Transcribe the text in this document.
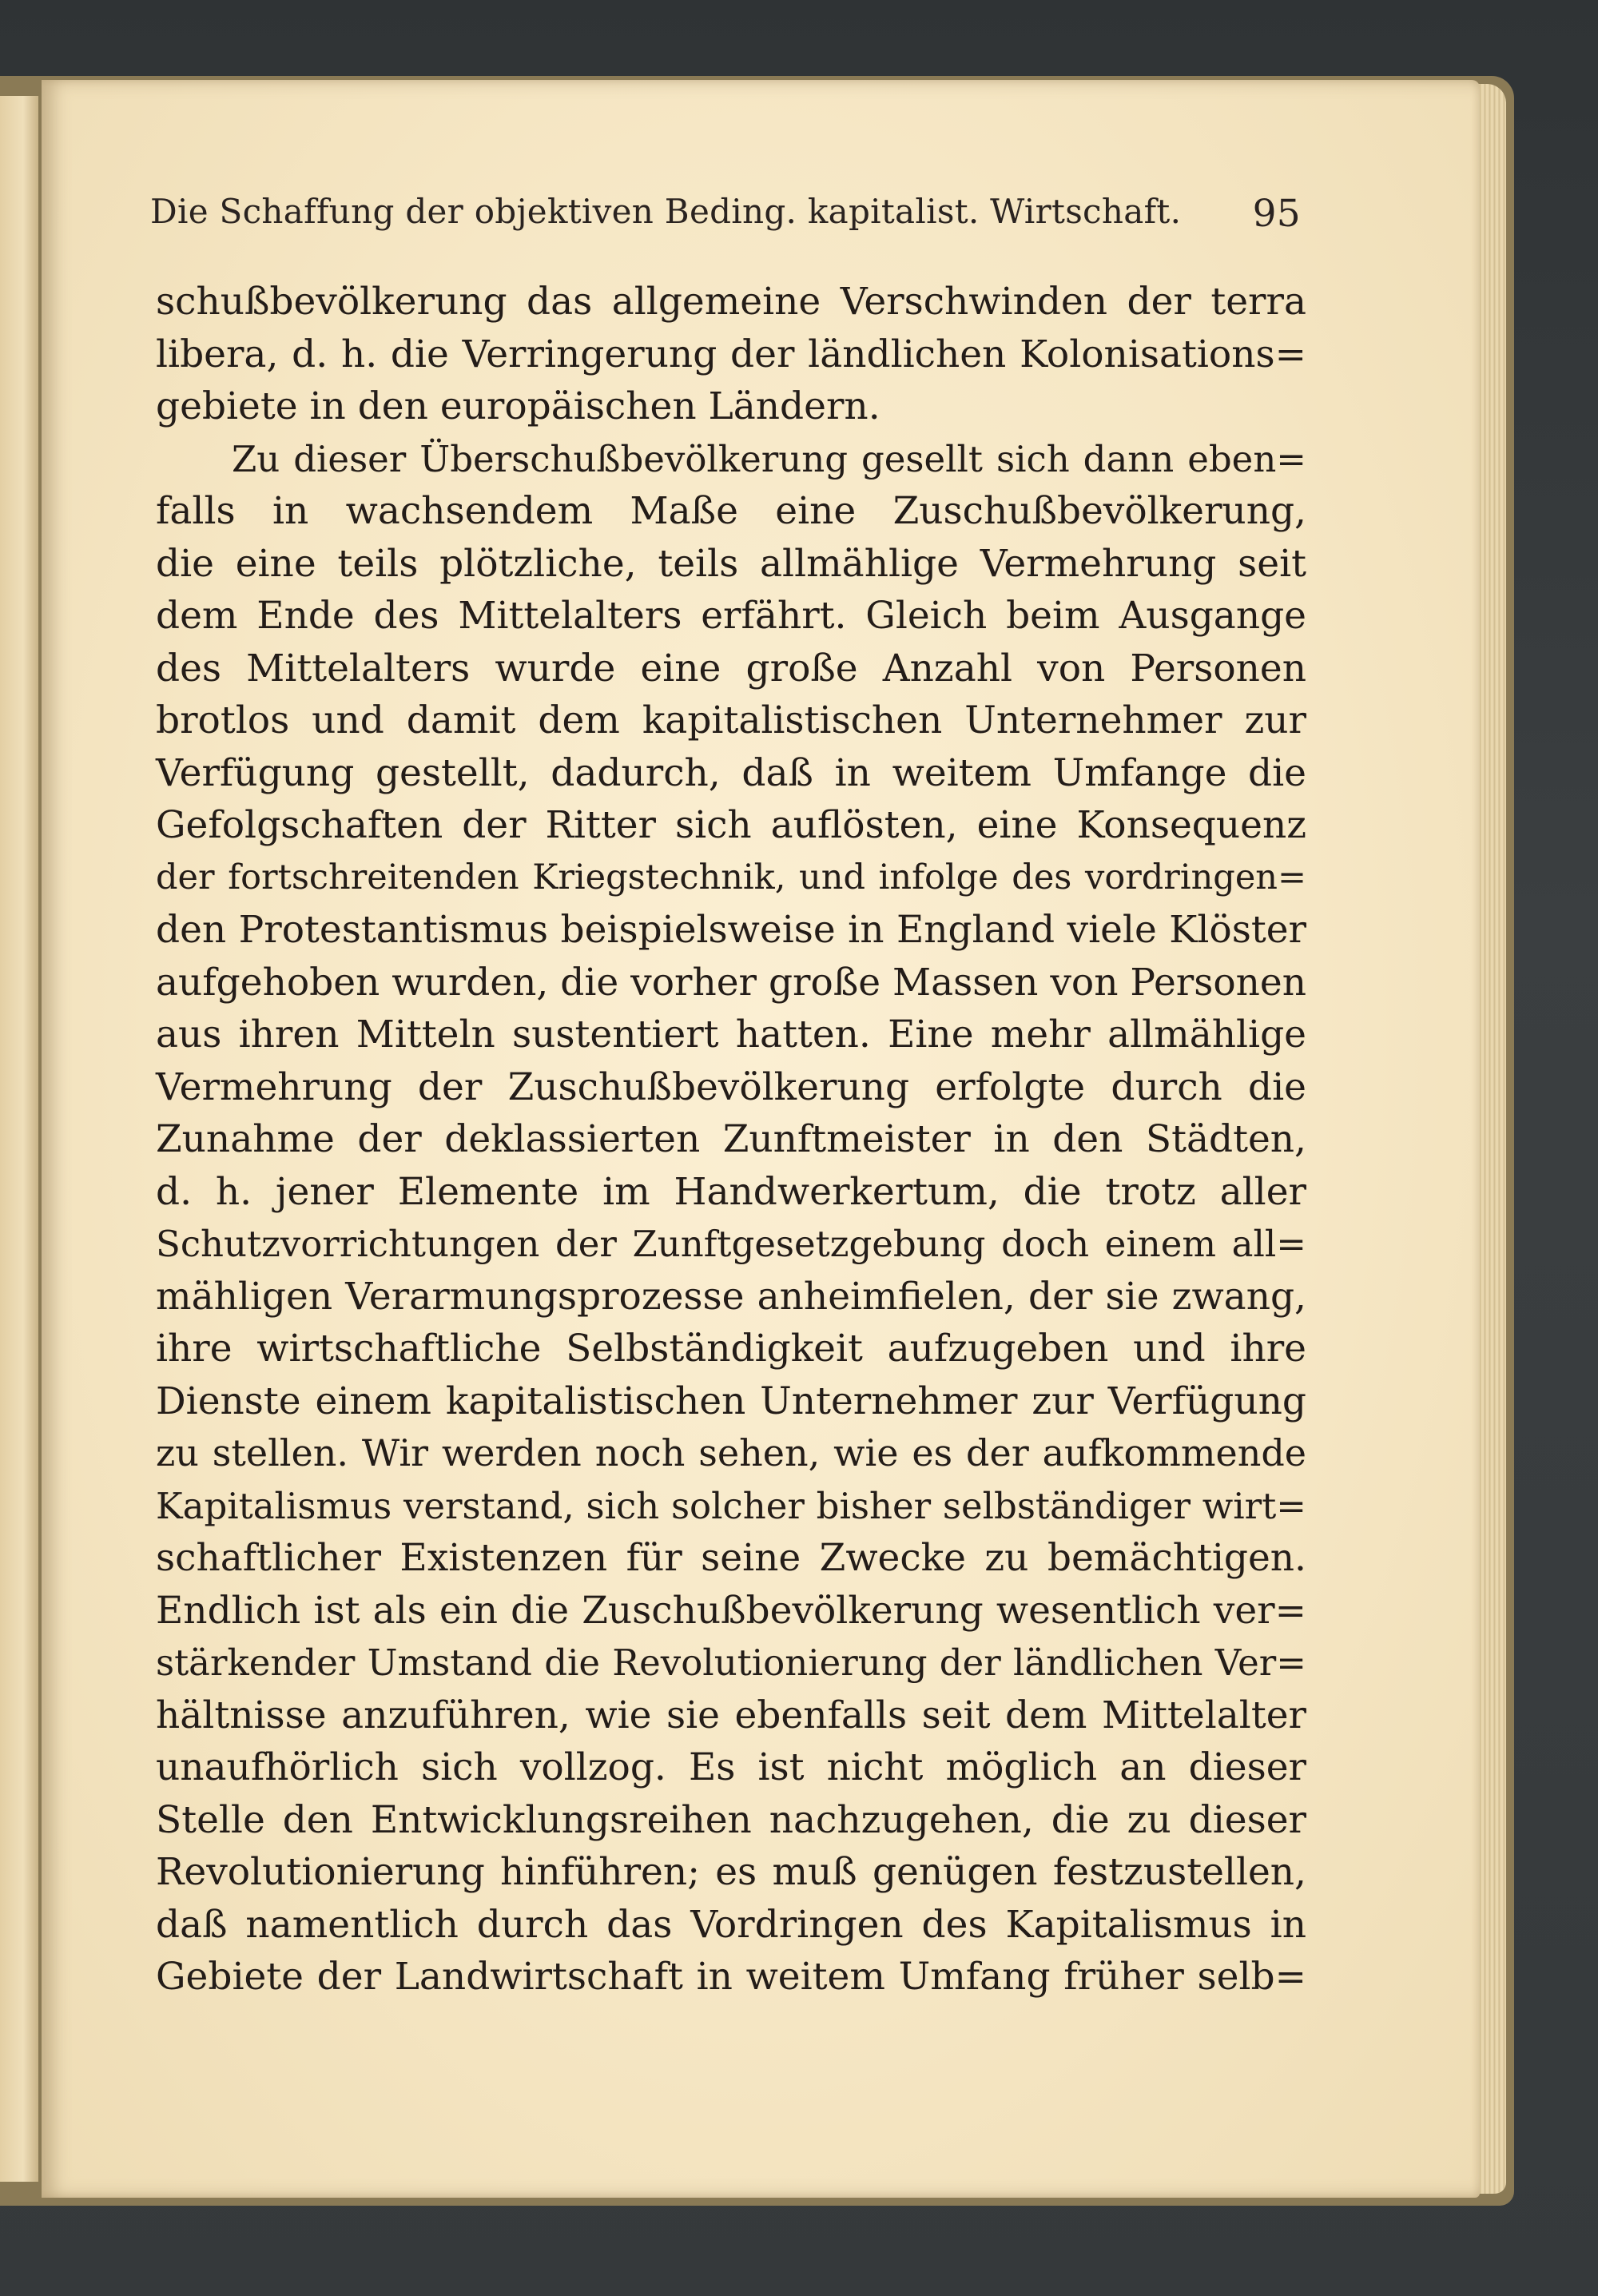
Die Schaffung der objektiven Beding. kapitalist. Wirtschaft. 95
schußbevölkerung das allgemeine Verschwinden der terra
libera, d. h. die Verringerung der ländlichen Kolonisations=
gebiete in den europäischen Ländern.
Zu dieser Überschußbevölkerung gesellt sich dann eben=
falls in wachsendem Maße eine Zuschußbevölkerung,
die eine teils plötzliche, teils allmählige Vermehrung seit
dem Ende des Mittelalters erfährt. Gleich beim Ausgange
des Mittelalters wurde eine große Anzahl von Personen
brotlos und damit dem kapitalistischen Unternehmer zur
Verfügung gestellt, dadurch, daß in weitem Umfange die
Gefolgschaften der Ritter sich auflösten, eine Konsequenz
der fortschreitenden Kriegstechnik, und infolge des vordringen=
den Protestantismus beispielsweise in England viele Klöster
aufgehoben wurden, die vorher große Massen von Personen
aus ihren Mitteln sustentiert hatten. Eine mehr allmählige
Vermehrung der Zuschußbevölkerung erfolgte durch die
Zunahme der deklassierten Zunftmeister in den Städten,
d. h. jener Elemente im Handwerkertum, die trotz aller
Schutzvorrichtungen der Zunftgesetzgebung doch einem all=
mähligen Verarmungsprozesse anheimfielen, der sie zwang,
ihre wirtschaftliche Selbständigkeit aufzugeben und ihre
Dienste einem kapitalistischen Unternehmer zur Verfügung
zu stellen. Wir werden noch sehen, wie es der aufkommende
Kapitalismus verstand, sich solcher bisher selbständiger wirt=
schaftlicher Existenzen für seine Zwecke zu bemächtigen.
Endlich ist als ein die Zuschußbevölkerung wesentlich ver=
stärkender Umstand die Revolutionierung der ländlichen Ver=
hältnisse anzuführen, wie sie ebenfalls seit dem Mittelalter
unaufhörlich sich vollzog. Es ist nicht möglich an dieser
Stelle den Entwicklungsreihen nachzugehen, die zu dieser
Revolutionierung hinführen; es muß genügen festzustellen,
daß namentlich durch das Vordringen des Kapitalismus in
Gebiete der Landwirtschaft in weitem Umfang früher selb=
